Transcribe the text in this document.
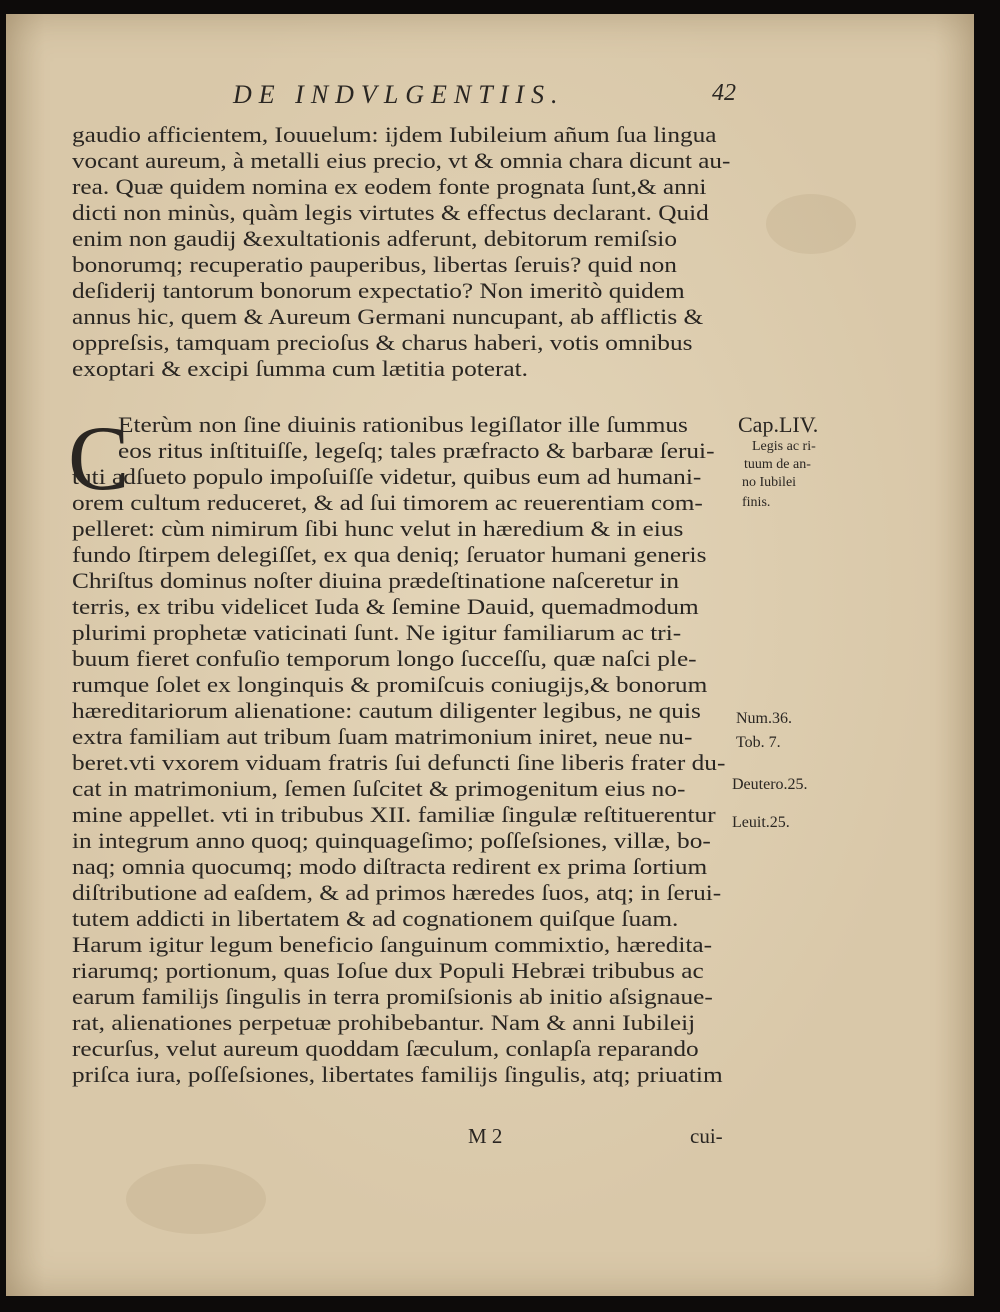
DE INDVLGENTIIS.	42
gaudio afficientem, Iouuelum: ijdem Iubileium añum ſua lingua
vocant aureum, à metalli eius precio, vt & omnia chara dicunt au-
rea. Quæ quidem nomina ex eodem fonte prognata ſunt,& anni
dicti non minùs, quàm legis virtutes & effectus declarant. Quid
enim non gaudij &exultationis adferunt, debitorum remiſsio
bonorumq; recuperatio pauperibus, libertas ſeruis? quid non
deſiderij tantorum bonorum expectatio? Non imeritò quidem
annus hic, quem & Aureum Germani nuncupant, ab afflictis &
oppreſsis, tamquam precioſus & charus haberi, votis omnibus
exoptari & excipi ſumma cum lætitia poterat.
C
Eterùm non ſine diuinis rationibus legiſlator ille ſummus
eos ritus inſtituiſſe, legeſq; tales præfracto & barbaræ ſerui-
tuti adſueto populo impoſuiſſe videtur, quibus eum ad humani-
orem cultum reduceret, & ad ſui timorem ac reuerentiam com-
pelleret: cùm nimirum ſibi hunc velut in hæredium & in eius
fundo ſtirpem delegiſſet, ex qua deniq; ſeruator humani generis
Chriſtus dominus noſter diuina prædeſtinatione naſceretur in
terris, ex tribu videlicet Iuda & ſemine Dauid, quemadmodum
plurimi prophetæ vaticinati ſunt. Ne igitur familiarum ac tri-
buum fieret confuſio temporum longo ſucceſſu, quæ naſci ple-
rumque ſolet ex longinquis & promiſcuis coniugijs,& bonorum
hæreditariorum alienatione: cautum diligenter legibus, ne quis
extra familiam aut tribum ſuam matrimonium iniret, neue nu-
beret.vti vxorem viduam fratris ſui defuncti ſine liberis frater du-
cat in matrimonium, ſemen ſuſcitet & primogenitum eius no-
mine appellet. vti in tribubus XII. familiæ ſingulæ reſtituerentur
in integrum anno quoq; quinquageſimo; poſſeſsiones, villæ, bo-
naq; omnia quocumq; modo diſtracta redirent ex prima ſortium
diſtributione ad eaſdem, & ad primos hæredes ſuos, atq; in ſerui-
tutem addicti in libertatem & ad cognationem quiſque ſuam.
Harum igitur legum beneficio ſanguinum commixtio, hæredita-
riarumq; portionum, quas Ioſue dux Populi Hebræi tribubus ac
earum familijs ſingulis in terra promiſsionis ab initio aſsignaue-
rat, alienationes perpetuæ prohibebantur. Nam & anni Iubileij
recurſus, velut aureum quoddam ſæculum, conlapſa reparando
priſca iura, poſſeſsiones, libertates familijs ſingulis, atq; priuatim
Cap.LIV.
Legis ac ri-
tuum de an-
no Iubilei
finis.
Num.36.
Tob. 7.
Deutero.25.
Leuit.25.
M 2	cui-
